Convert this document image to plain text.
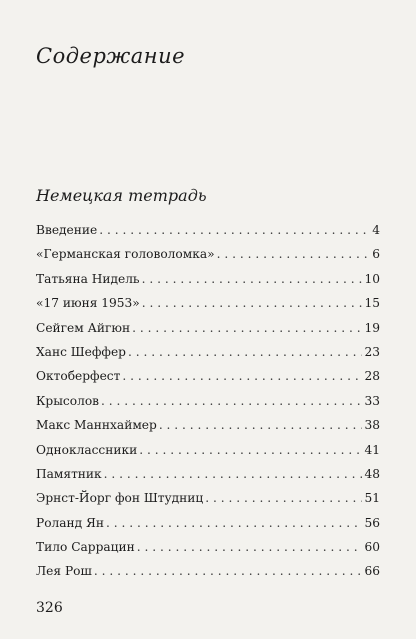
Содержание
Немецкая тетрадь
Введение . . .	4
«Германская головоломка» . . .	6
Татьяна Нидель . . .	10
«17 июня 1953» . . .	15
Сейгем Айгюн . . .	19
Ханс Шеффер . . .	23
Октоберфест . . .	28
Крысолов . . .	33
Макс Маннхаймер . . .	38
Одноклассники . . .	41
Памятник . . .	48
Эрнст-Йорг фон Штудниц . . .	51
Роланд Ян . . .	56
Тило Саррацин . . .	60
Лея Рош . . .	66

326
